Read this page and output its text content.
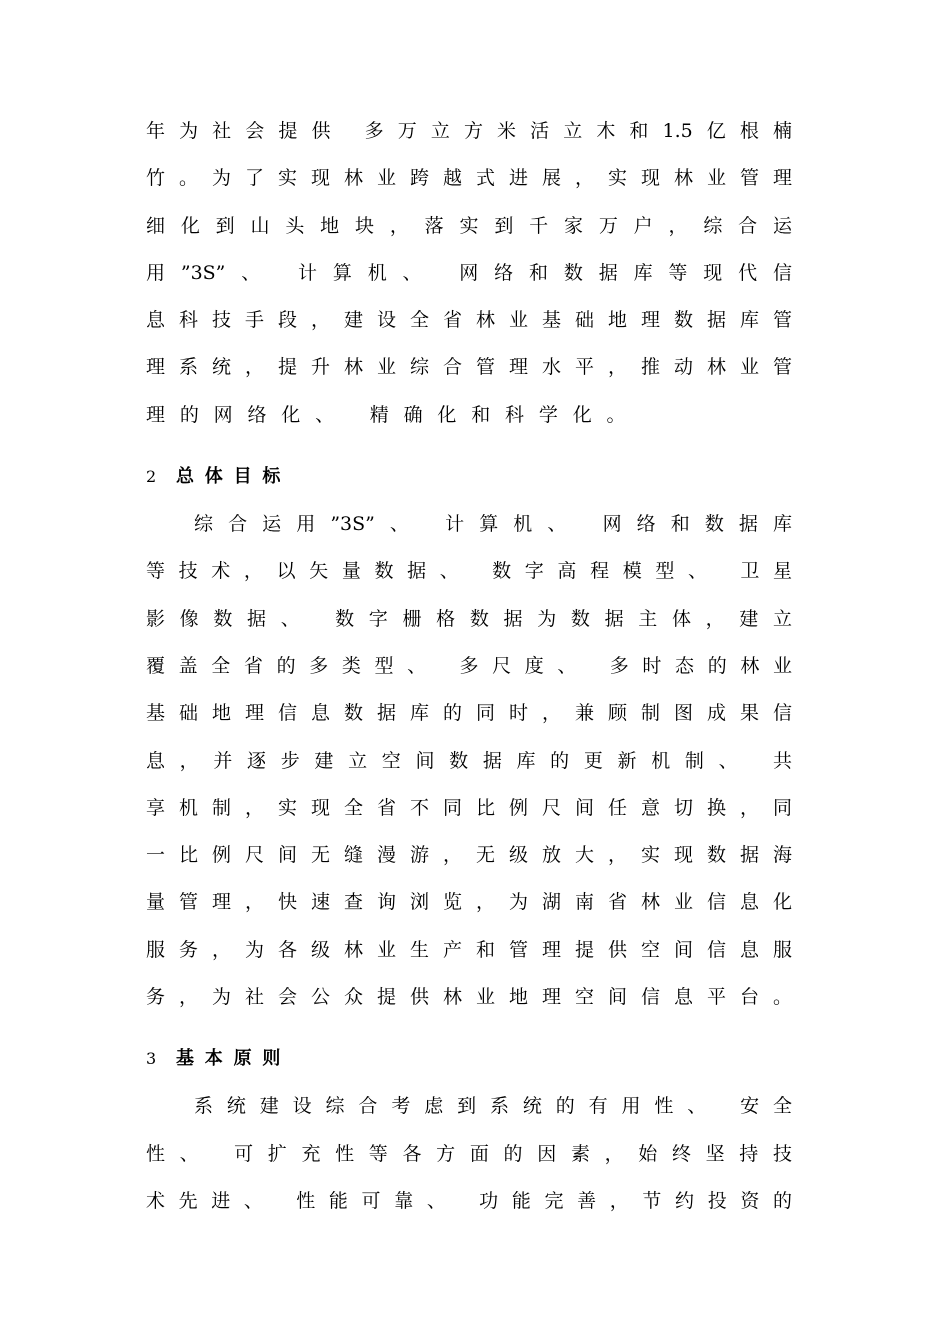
年为社会提供 多万立方米活立木和1.5亿根楠
竹。为了实现林业跨越式进展，实现林业管理
细化到山头地块，落实到千家万户，综合运
用”3S”、 计算机、 网络和数据库等现代信
息科技手段，建设全省林业基础地理数据库管
理系统，提升林业综合管理水平，推动林业管
理的网络化、 精确化和科学化。
2 总体目标
综合运用”3S”、 计算机、 网络和数据库
等技术，以矢量数据、 数字高程模型、 卫星
影像数据、 数字栅格数据为数据主体，建立
覆盖全省的多类型、 多尺度、 多时态的林业
基础地理信息数据库的同时，兼顾制图成果信
息，并逐步建立空间数据库的更新机制、 共
享机制，实现全省不同比例尺间任意切换，同
一比例尺间无缝漫游，无级放大，实现数据海
量管理，快速查询浏览，为湖南省林业信息化
服务，为各级林业生产和管理提供空间信息服
务，为社会公众提供林业地理空间信息平台。
3 基本原则
系统建设综合考虑到系统的有用性、 安全
性、 可扩充性等各方面的因素，始终坚持技
术先进、 性能可靠、 功能完善，节约投资的
